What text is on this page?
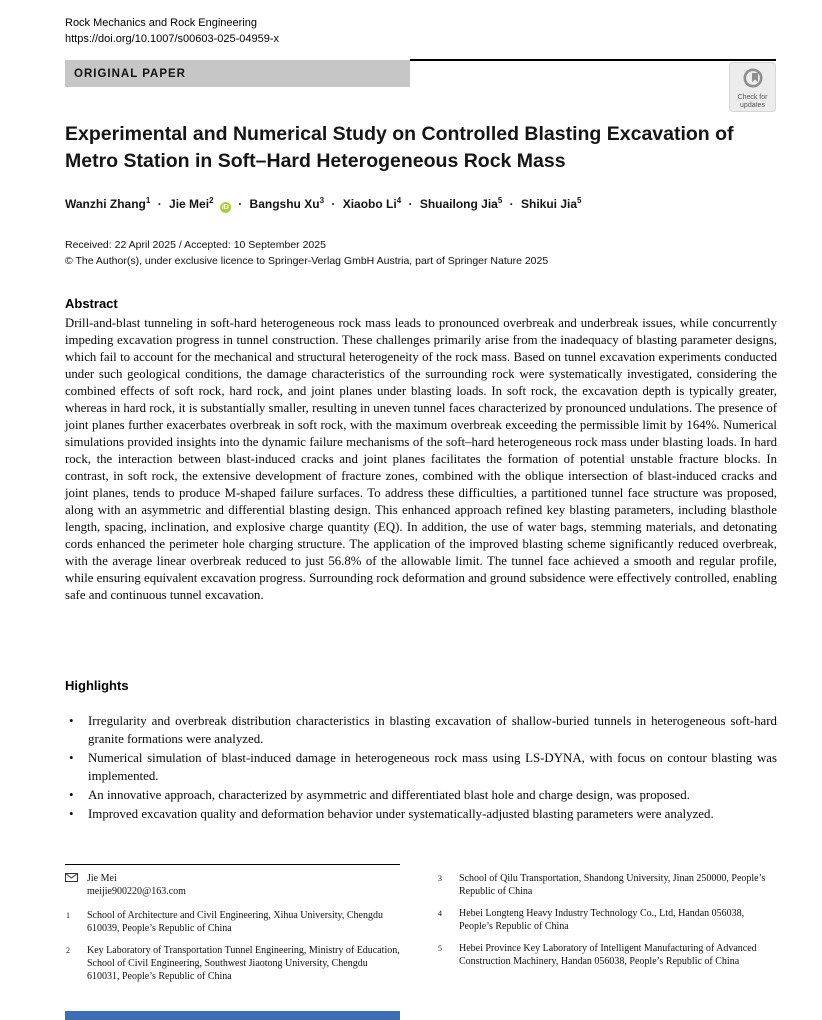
Rock Mechanics and Rock Engineering
https://doi.org/10.1007/s00603-025-04959-x
ORIGINAL PAPER
Check for
updates
Experimental and Numerical Study on Controlled Blasting Excavation of Metro Station in Soft–Hard Heterogeneous Rock Mass
Wanzhi Zhang$^1$ · Jie Mei$^2$ iD · Bangshu $Xu^3$ · Xiaobo $Li^4$ · Shuailong Jia$^5$ · Shikui Jia$^5$
Received: 22 April 2025 / Accepted: 10 September 2025
© The Author(s), under exclusive licence to Springer-Verlag GmbH Austria, part of Springer Nature 2025
Abstract
Drill-and-blast tunneling in soft-hard heterogeneous rock mass leads to pronounced overbreak and underbreak issues, while concurrently impeding excavation progress in tunnel construction. These challenges primarily arise from the inadequacy of blasting parameter designs, which fail to account for the mechanical and structural heterogeneity of the rock mass. Based on tunnel excavation experiments conducted under such geological conditions, the damage characteristics of the surrounding rock were systematically investigated, considering the combined effects of soft rock, hard rock, and joint planes under blasting loads. In soft rock, the excavation depth is typically greater, whereas in hard rock, it is substantially smaller, resulting in uneven tunnel faces characterized by pronounced undulations. The presence of joint planes further exacerbates overbreak in soft rock, with the maximum overbreak exceeding the permissible limit by 164%. Numerical simulations provided insights into the dynamic failure mechanisms of the soft–hard heterogeneous rock mass under blasting loads. In hard rock, the interaction between blast-induced cracks and joint planes facilitates the formation of potential unstable fracture blocks. In contrast, in soft rock, the extensive development of fracture zones, combined with the oblique intersection of blast-induced cracks and joint planes, tends to produce M-shaped failure surfaces. To address these difficulties, a partitioned tunnel face structure was proposed, along with an asymmetric and differential blasting design. This enhanced approach refined key blasting parameters, including blasthole length, spacing, inclination, and explosive charge quantity (EQ). In addition, the use of water bags, stemming materials, and detonating cords enhanced the perimeter hole charging structure. The application of the improved blasting scheme significantly reduced overbreak, with the average linear overbreak reduced to just 56.8% of the allowable limit. The tunnel face achieved a smooth and regular profile, while ensuring equivalent excavation progress. Surrounding rock deformation and ground subsidence were effectively controlled, enabling safe and continuous tunnel excavation.
Highlights
• Irregularity and overbreak distribution characteristics in blasting excavation of shallow-buried tunnels in heterogeneous soft-hard granite formations were analyzed.
• Numerical simulation of blast-induced damage in heterogeneous rock mass using LS-DYNA, with focus on contour blasting was implemented.
• An innovative approach, characterized by asymmetric and differentiated blast hole and charge design, was proposed.
• Improved excavation quality and deformation behavior under systematically-adjusted blasting parameters were analyzed.
Jie Mei
meijie900220@163.com
1	School of Architecture and Civil Engineering, Xihua University, Chengdu 610039, People’s Republic of China
2	Key Laboratory of Transportation Tunnel Engineering, Ministry of Education, School of Civil Engineering, Southwest Jiaotong University, Chengdu 610031, People’s Republic of China
3	School of Qilu Transportation, Shandong University, Jinan 250000, People’s Republic of China
4	Hebei Longteng Heavy Industry Technology Co., Ltd, Handan 056038, People’s Republic of China
5	Hebei Province Key Laboratory of Intelligent Manufacturing of Advanced Construction Machinery, Handan 056038, People’s Republic of China
